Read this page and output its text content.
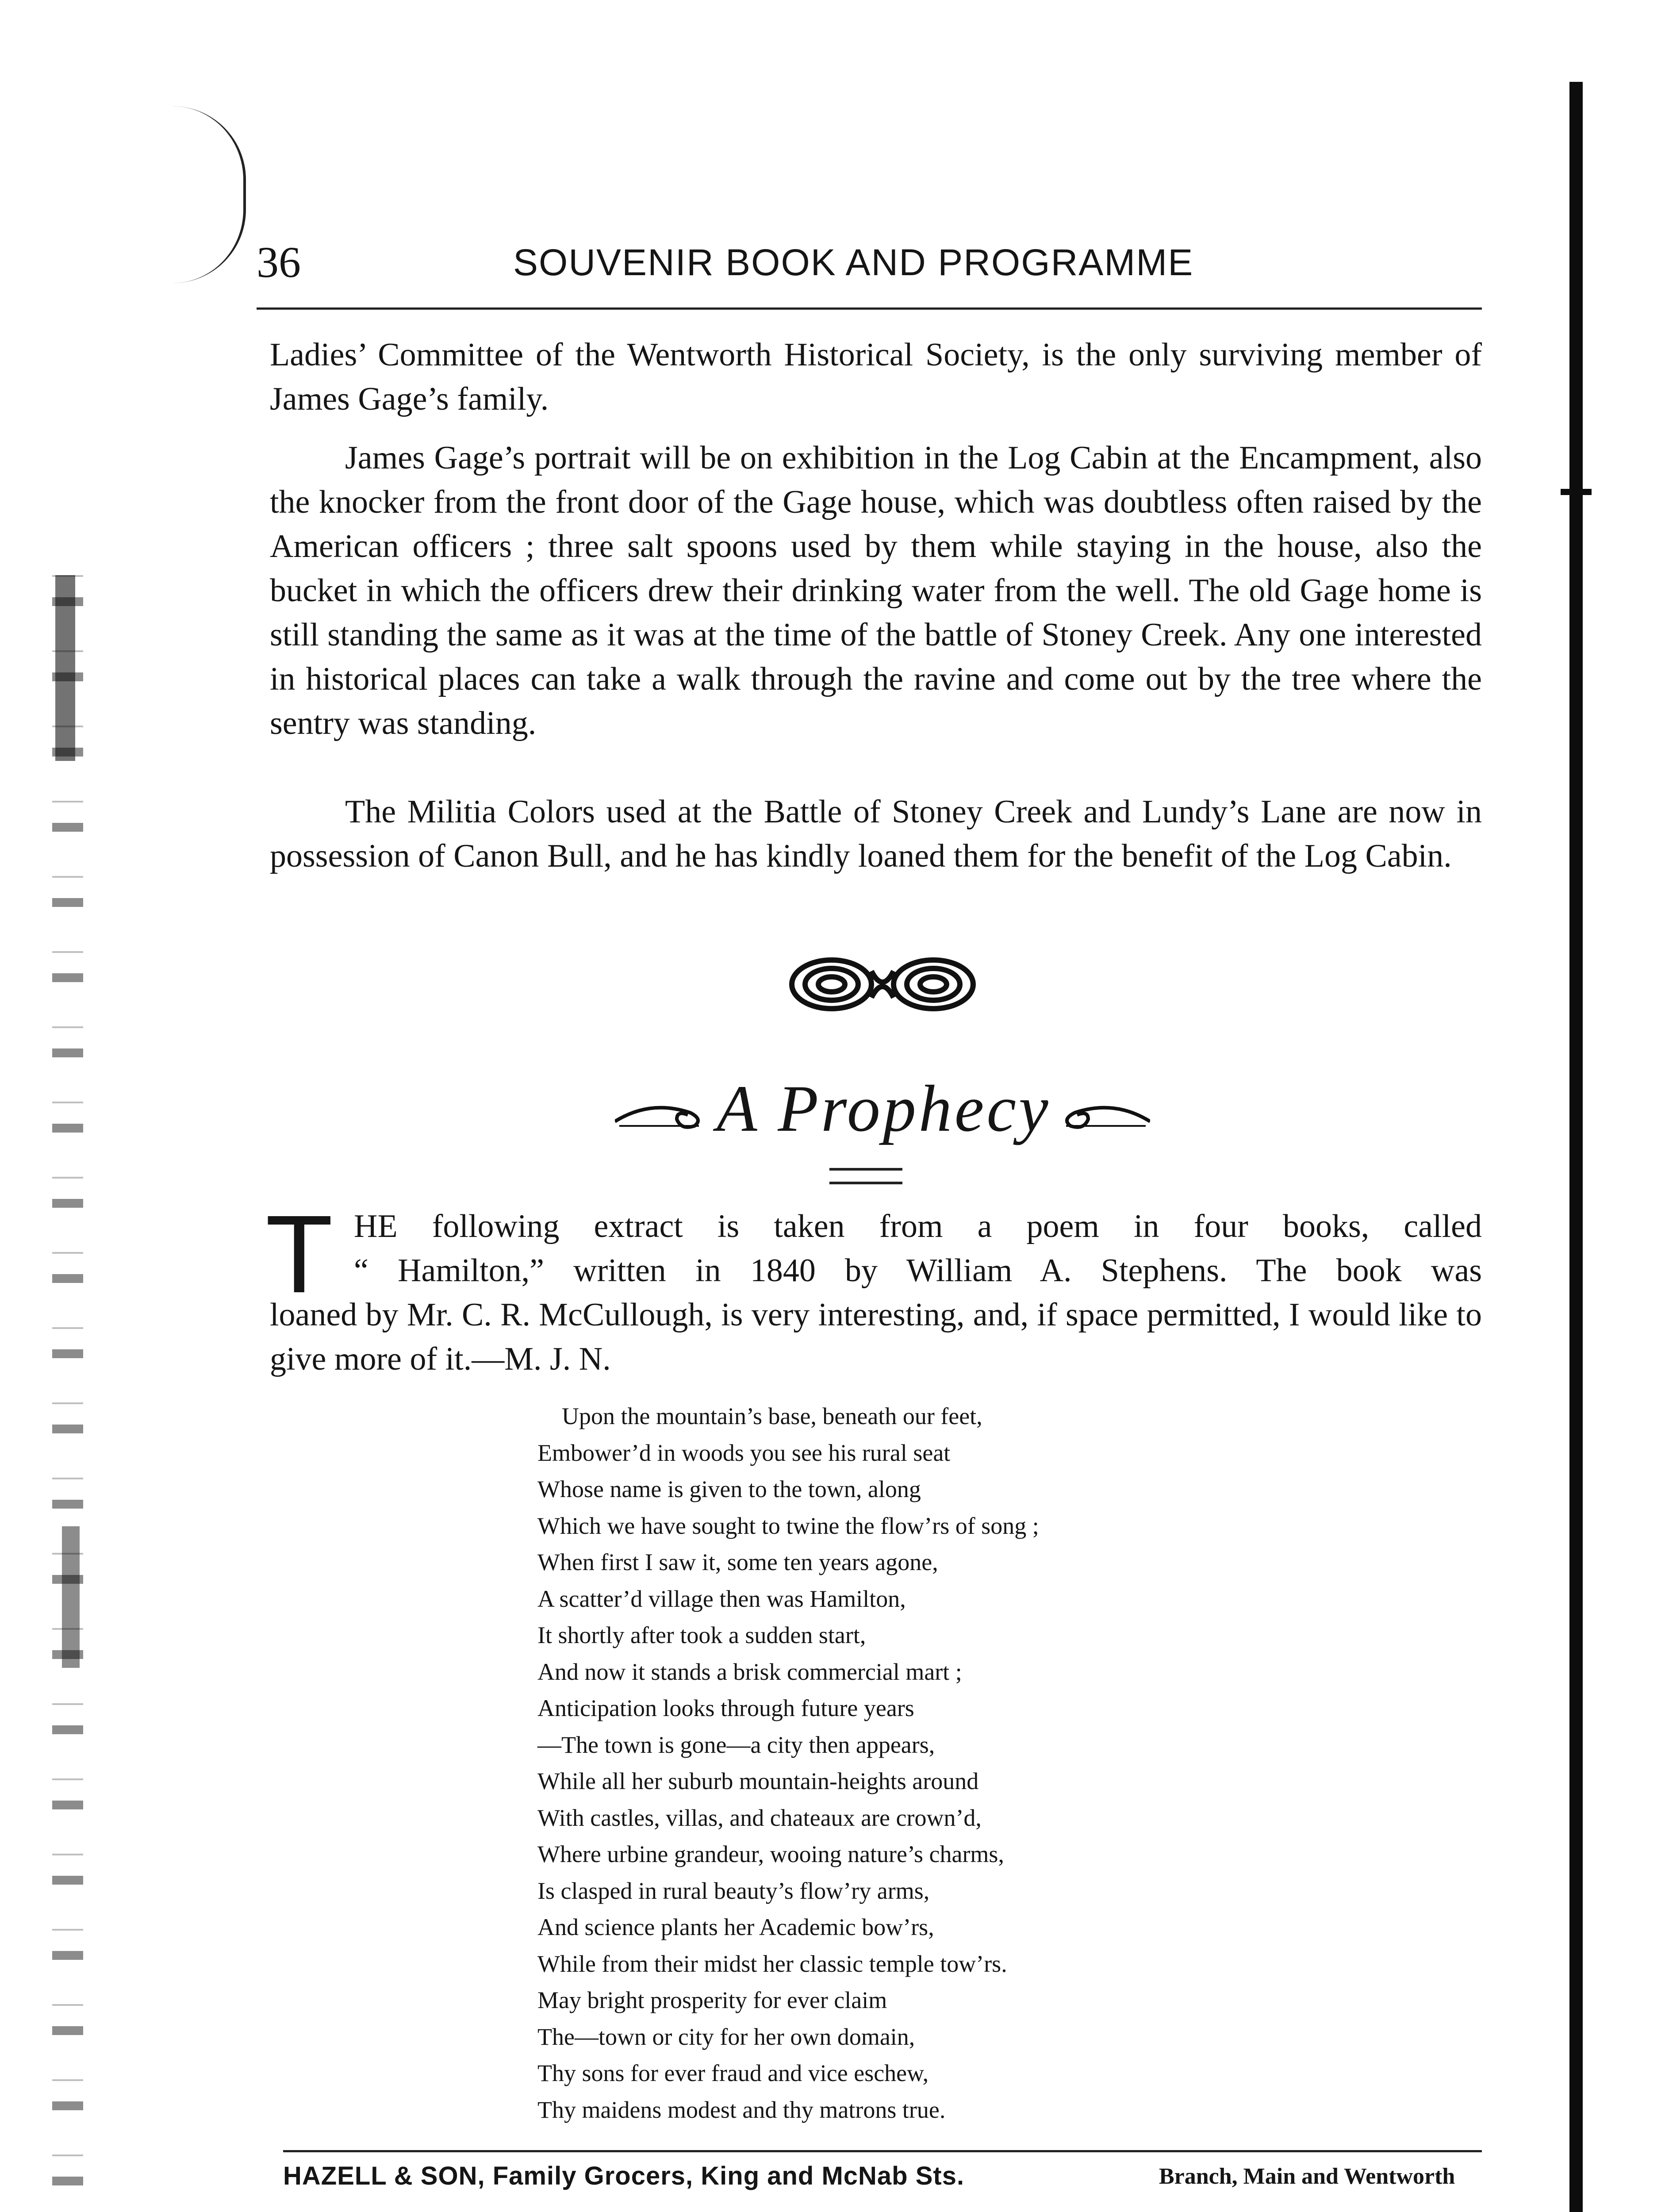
36	SOUVENIR BOOK AND PROGRAMME

Ladies’ Committee of the Wentworth Historical Society, is the only surviving member of James Gage’s family.

James Gage’s portrait will be on exhibition in the Log Cabin at the Encampment, also the knocker from the front door of the Gage house, which was doubtless often raised by the American officers ; three salt spoons used by them while staying in the house, also the bucket in which the officers drew their drinking water from the well. The old Gage home is still standing the same as it was at the time of the battle of Stoney Creek. Any one interested in historical places can take a walk through the ravine and come out by the tree where the sentry was standing.

The Militia Colors used at the Battle of Stoney Creek and Lundy’s Lane are now in possession of Canon Bull, and he has kindly loaned them for the benefit of the Log Cabin.

A Prophecy
T HE following extract is taken from a poem in four books, called

“ Hamilton,” written in 1840 by William A. Stephens. The book was

loaned by Mr. C. R. McCullough, is very interesting, and, if space permitted, I would like to give more of it.—M. J. N.

Upon the mountain’s base, beneath our feet,
Embower’d in woods you see his rural seat
Whose name is given to the town, along
Which we have sought to twine the flow’rs of song ;
When first I saw it, some ten years agone,
A scatter’d village then was Hamilton,
It shortly after took a sudden start,
And now it stands a brisk commercial mart ;
Anticipation looks through future years
—The town is gone—a city then appears,
While all her suburb mountain-heights around
With castles, villas, and chateaux are crown’d,
Where urbine grandeur, wooing nature’s charms,
Is clasped in rural beauty’s flow’ry arms,
And science plants her Academic bow’rs,
While from their midst her classic temple tow’rs.
May bright prosperity for ever claim
The—town or city for her own domain,
Thy sons for ever fraud and vice eschew,
Thy maidens modest and thy matrons true.
HAZELL & SON, Family Grocers, King and McNab Sts.	Branch, Main and Wentworth
